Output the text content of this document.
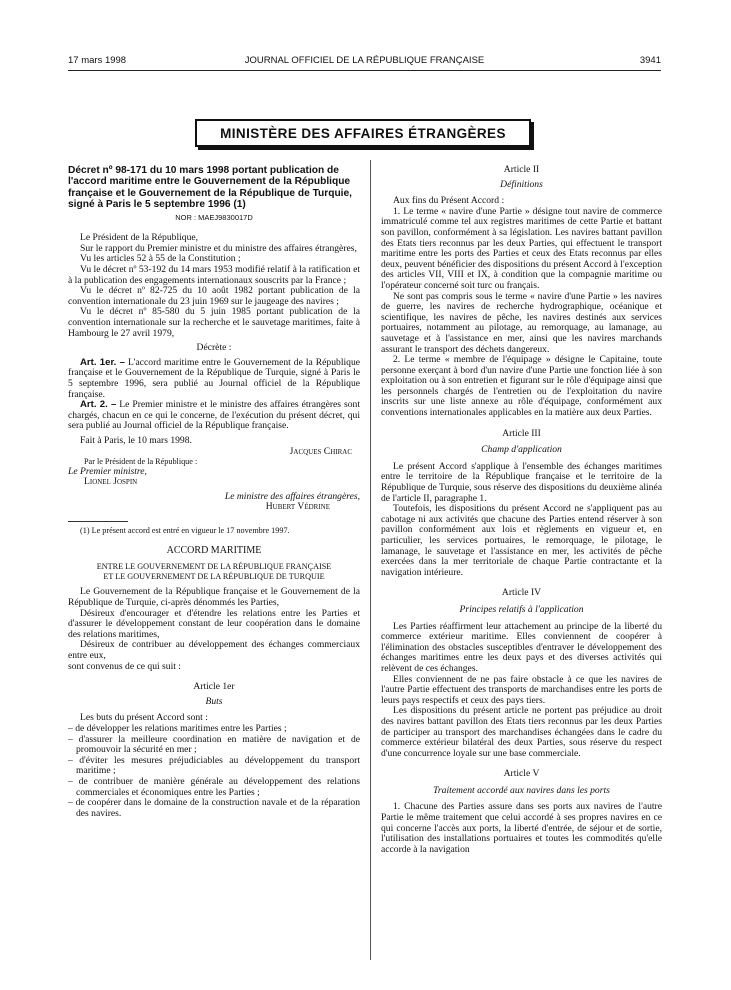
17 mars 1998	JOURNAL OFFICIEL DE LA RÉPUBLIQUE FRANÇAISE	3941
MINISTÈRE DES AFFAIRES ÉTRANGÈRES

Décret nº 98-171 du 10 mars 1998 portant publication de l'accord maritime entre le Gouvernement de la République française et le Gouvernement de la République de Turquie, signé à Paris le 5 septembre 1996 (1)

NOR : MAEJ9830017D

Le Président de la République,

Sur le rapport du Premier ministre et du ministre des affaires étrangères,

Vu les articles 52 à 55 de la Constitution ;

Vu le décret nº 53-192 du 14 mars 1953 modifié relatif à la ratification et à la publication des engagements internationaux souscrits par la France ;

Vu le décret nº 82-725 du 10 août 1982 portant publication de la convention internationale du 23 juin 1969 sur le jaugeage des navires ;

Vu le décret nº 85-580 du 5 juin 1985 portant publication de la convention internationale sur la recherche et le sauvetage maritimes, faite à Hambourg le 27 avril 1979,

Décrète :

Art. 1er. – L'accord maritime entre le Gouvernement de la République française et le Gouvernement de la République de Turquie, signé à Paris le 5 septembre 1996, sera publié au Journal officiel de la République française.

Art. 2. – Le Premier ministre et le ministre des affaires étrangères sont chargés, chacun en ce qui le concerne, de l'exécution du présent décret, qui sera publié au Journal officiel de la République française.

Fait à Paris, le 10 mars 1998.

Jacques Chirac

Par le Président de la République :

Le Premier ministre,

Lionel Jospin

Le ministre des affaires étrangères,

Hubert Védrine

(1) Le présent accord est entré en vigueur le 17 novembre 1997.

ACCORD MARITIME

ENTRE LE GOUVERNEMENT DE LA RÉPUBLIQUE FRANÇAISE

ET LE GOUVERNEMENT DE LA RÉPUBLIQUE DE TURQUIE

Le Gouvernement de la République française et le Gouvernement de la République de Turquie, ci-après dénommés les Parties,

Désireux d'encourager et d'étendre les relations entre les Parties et d'assurer le développement constant de leur coopération dans le domaine des relations maritimes,

Désireux de contribuer au développement des échanges commerciaux entre eux,

sont convenus de ce qui suit :

Article 1er

Buts

Les buts du présent Accord sont :

– de développer les relations maritimes entre les Parties ;

– d'assurer la meilleure coordination en matière de navigation et de promouvoir la sécurité en mer ;

– d'éviter les mesures préjudiciables au développement du transport maritime ;

– de contribuer de manière générale au développement des relations commerciales et économiques entre les Parties ;

– de coopérer dans le domaine de la construction navale et de la réparation des navires.

Article II

Définitions

Aux fins du Présent Accord :

1. Le terme « navire d'une Partie » désigne tout navire de commerce immatriculé comme tel aux registres maritimes de cette Partie et battant son pavillon, conformément à sa législation. Les navires battant pavillon des Etats tiers reconnus par les deux Parties, qui effectuent le transport maritime entre les ports des Parties et ceux des Etats reconnus par elles deux, peuvent bénéficier des dispositions du présent Accord à l'exception des articles VII, VIII et IX, à condition que la compagnie maritime ou l'opérateur concerné soit turc ou français.

Ne sont pas compris sous le terme « navire d'une Partie » les navires de guerre, les navires de recherche hydrographique, océanique et scientifique, les navires de pêche, les navires destinés aux services portuaires, notamment au pilotage, au remorquage, au lamanage, au sauvetage et à l'assistance en mer, ainsi que les navires marchands assurant le transport des déchets dangereux.

2. Le terme « membre de l'équipage » désigne le Capitaine, toute personne exerçant à bord d'un navire d'une Partie une fonction liée à son exploitation ou à son entretien et figurant sur le rôle d'équipage ainsi que les personnels chargés de l'entretien ou de l'exploitation du navire inscrits sur une liste annexe au rôle d'équipage, conformément aux conventions internationales applicables en la matière aux deux Parties.

Article III

Champ d'application

Le présent Accord s'applique à l'ensemble des échanges maritimes entre le territoire de la République française et le territoire de la République de Turquie, sous réserve des dispositions du deuxième alinéa de l'article II, paragraphe 1.

Toutefois, les dispositions du présent Accord ne s'appliquent pas au cabotage ni aux activités que chacune des Parties entend réserver à son pavillon conformément aux lois et règlements en vigueur et, en particulier, les services portuaires, le remorquage, le pilotage, le lamanage, le sauvetage et l'assistance en mer, les activités de pêche exercées dans la mer territoriale de chaque Partie contractante et la navigation intérieure.

Article IV

Principes relatifs à l'application

Les Parties réaffirment leur attachement au principe de la liberté du commerce extérieur maritime. Elles conviennent de coopérer à l'élimination des obstacles susceptibles d'entraver le développement des échanges maritimes entre les deux pays et des diverses activités qui relèvent de ces échanges.

Elles conviennent de ne pas faire obstacle à ce que les navires de l'autre Partie effectuent des transports de marchandises entre les ports de leurs pays respectifs et ceux des pays tiers.

Les dispositions du présent article ne portent pas préjudice au droit des navires battant pavillon des Etats tiers reconnus par les deux Parties de participer au transport des marchandises échangées dans le cadre du commerce extérieur bilatéral des deux Parties, sous réserve du respect d'une concurrence loyale sur une base commerciale.

Article V

Traitement accordé aux navires dans les ports

1. Chacune des Parties assure dans ses ports aux navires de l'autre Partie le même traitement que celui accordé à ses propres navires en ce qui concerne l'accès aux ports, la liberté d'entrée, de séjour et de sortie, l'utilisation des installations portuaires et toutes les commodités qu'elle accorde à la navigation
